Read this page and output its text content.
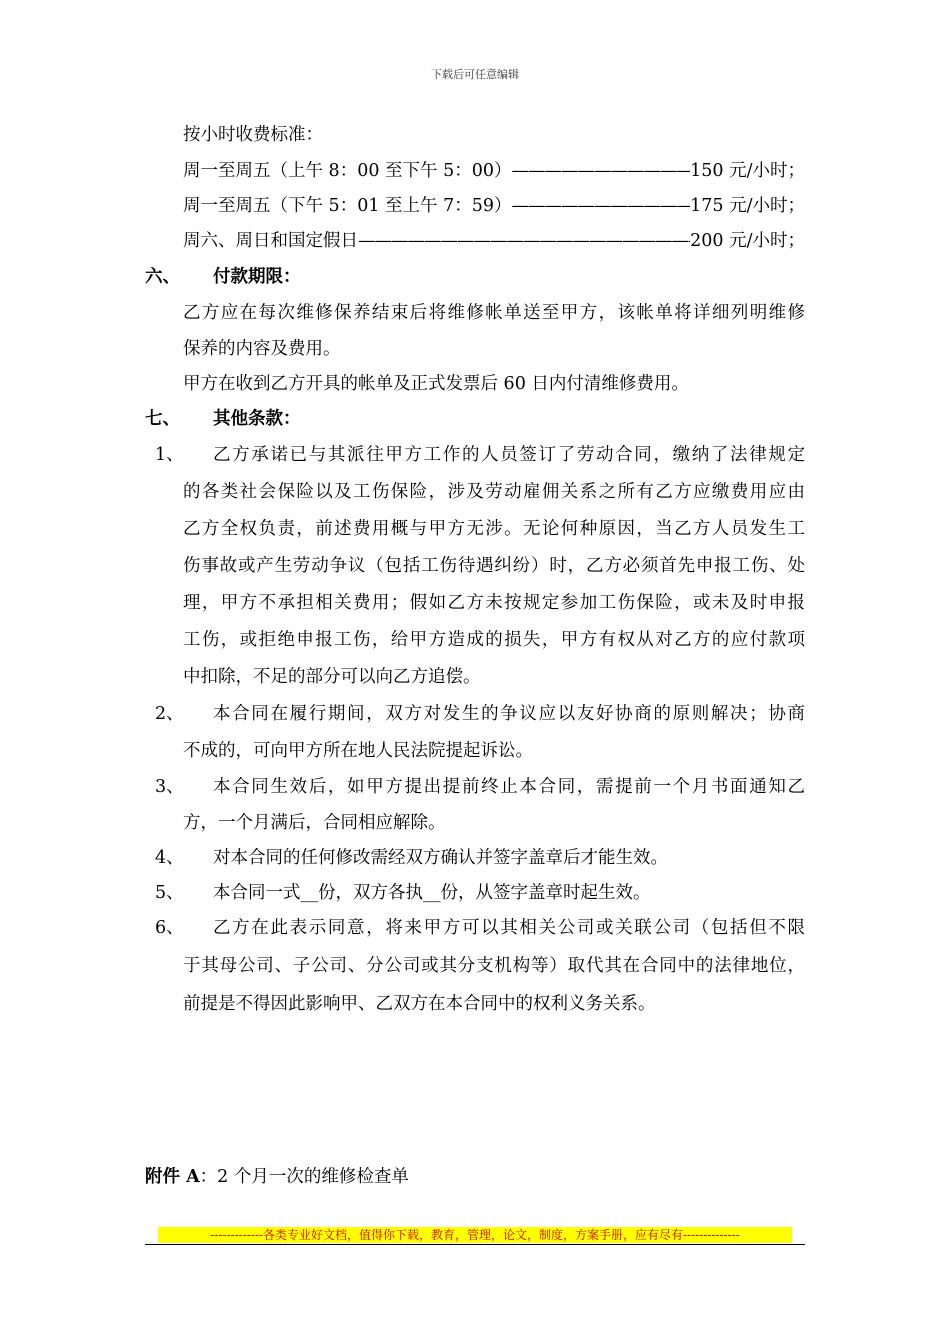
下载后可任意编辑
按小时收费标准：
周一至周五（上午 8：00 至下午 5：00） —————	150 元/小时；
周一至周五（下午 5：01 至上午 7：59） —————	175 元/小时；
周六、周日和国定假日 —————	200 元/小时；
六、 付款期限：
乙方应在每次维修保养结束后将维修帐单送至甲方，该帐单将详细列明维修
保养的内容及费用。
甲方在收到乙方开具的帐单及正式发票后 60 日内付清维修费用。
七、 其他条款：
1、 乙方承诺已与其派往甲方工作的人员签订了劳动合同，缴纳了法律规定
的各类社会保险以及工伤保险，涉及劳动雇佣关系之所有乙方应缴费用应由
乙方全权负责，前述费用概与甲方无涉。无论何种原因，当乙方人员发生工
伤事故或产生劳动争议（包括工伤待遇纠纷）时，乙方必须首先申报工伤、处
理，甲方不承担相关费用；假如乙方未按规定参加工伤保险，或未及时申报
工伤，或拒绝申报工伤，给甲方造成的损失，甲方有权从对乙方的应付款项
中扣除，不足的部分可以向乙方追偿。
2、 本合同在履行期间，双方对发生的争议应以友好协商的原则解决；协商
不成的，可向甲方所在地人民法院提起诉讼。
3、 本合同生效后，如甲方提出提前终止本合同，需提前一个月书面通知乙
方，一个月满后，合同相应解除。
4、 对本合同的任何修改需经双方确认并签字盖章后才能生效。
5、 本合同一式__份，双方各执__份，从签字盖章时起生效。
6、 乙方在此表示同意，将来甲方可以其相关公司或关联公司（包括但不限
于其母公司、子公司、分公司或其分支机构等）取代其在合同中的法律地位，
前提是不得因此影响甲、乙双方在本合同中的权利义务关系。
附件 A：2 个月一次的维修检查单
-------------各类专业好文档，值得你下载，教育，管理，论文，制度，方案手册，应有尽有--------------
